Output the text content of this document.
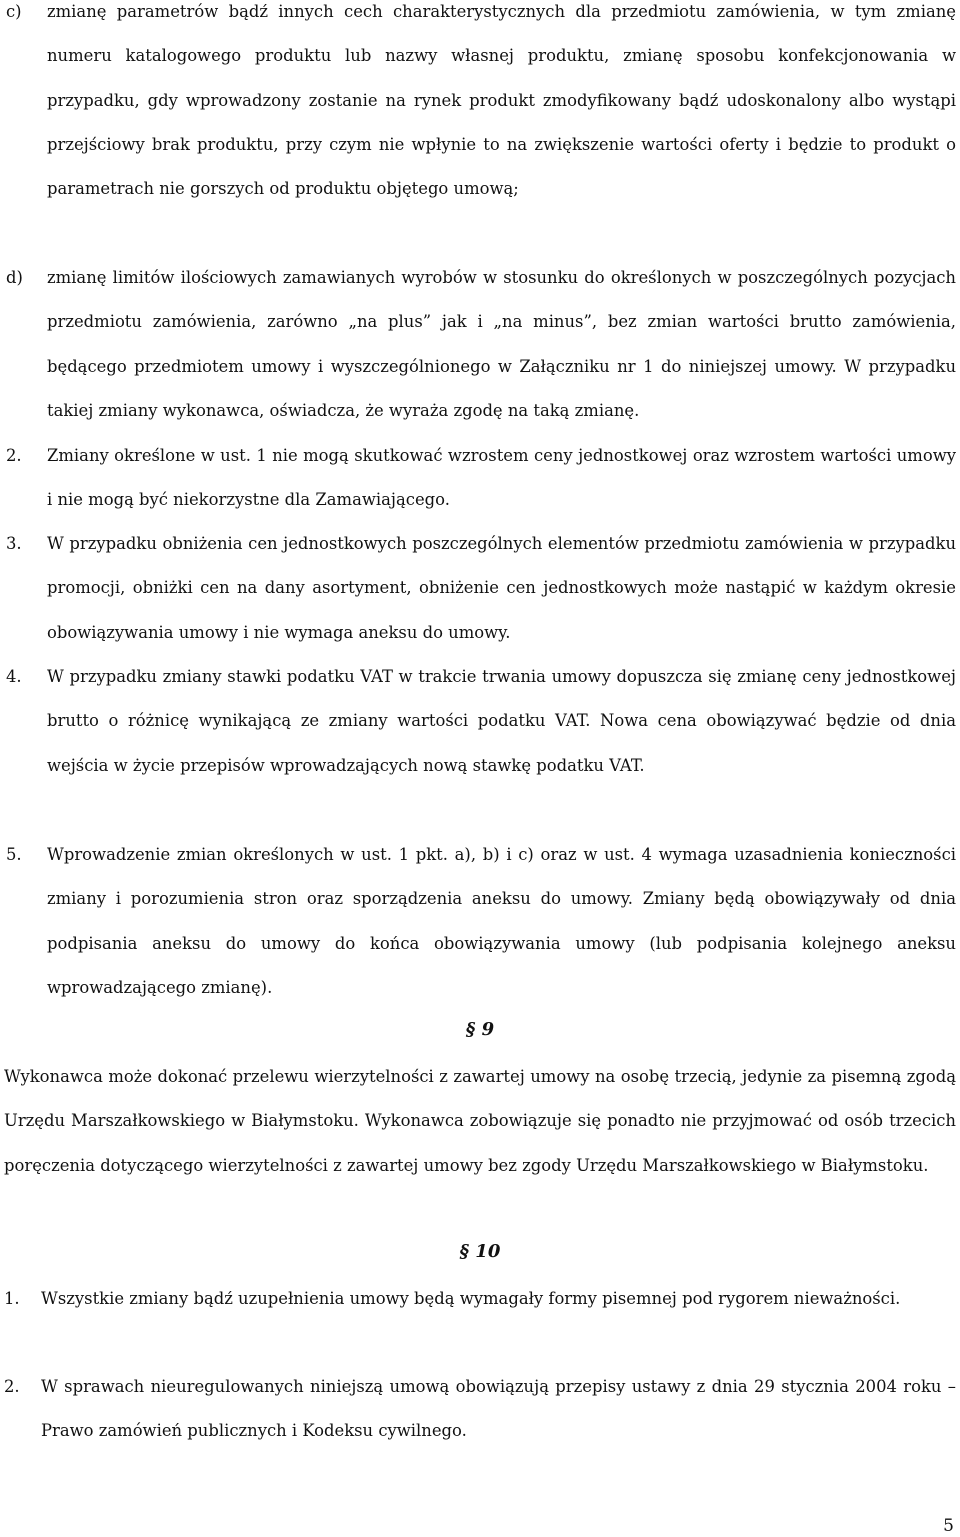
c) zmianę parametrów bądź innych cech charakterystycznych dla przedmiotu zamówienia, w tym zmianę numeru katalogowego produktu lub nazwy własnej produktu, zmianę sposobu konfekcjonowania w przypadku, gdy wprowadzony zostanie na rynek produkt zmodyfikowany bądź udoskonalony albo wystąpi przejściowy brak produktu, przy czym nie wpłynie to na zwiększenie wartości oferty i będzie to produkt o parametrach nie gorszych od produktu objętego umową;
d) zmianę limitów ilościowych zamawianych wyrobów w stosunku do określonych w poszczególnych pozycjach przedmiotu zamówienia, zarówno „na plus” jak i „na minus”, bez zmian wartości brutto zamówienia, będącego przedmiotem umowy i wyszczególnionego w Załączniku nr 1 do niniejszej umowy. W przypadku takiej zmiany wykonawca, oświadcza, że wyraża zgodę na taką zmianę.
2. Zmiany określone w ust. 1 nie mogą skutkować wzrostem ceny jednostkowej oraz wzrostem wartości umowy i nie mogą być niekorzystne dla Zamawiającego.
3. W przypadku obniżenia cen jednostkowych poszczególnych elementów przedmiotu zamówienia w przypadku promocji, obniżki cen na dany asortyment, obniżenie cen jednostkowych może nastąpić w każdym okresie obowiązywania umowy i nie wymaga aneksu do umowy.
4. W przypadku zmiany stawki podatku VAT w trakcie trwania umowy dopuszcza się zmianę ceny jednostkowej brutto o różnicę wynikającą ze zmiany wartości podatku VAT. Nowa cena obowiązywać będzie od dnia wejścia w życie przepisów wprowadzających nową stawkę podatku VAT.
5. Wprowadzenie zmian określonych w ust. 1 pkt. a), b) i c) oraz w ust. 4 wymaga uzasadnienia konieczności zmiany i porozumienia stron oraz sporządzenia aneksu do umowy. Zmiany będą obowiązywały od dnia podpisania aneksu do umowy do końca obowiązywania umowy (lub podpisania kolejnego aneksu wprowadzającego zmianę).
§ 9
Wykonawca może dokonać przelewu wierzytelności z zawartej umowy na osobę trzecią, jedynie za pisemną zgodą Urzędu Marszałkowskiego w Białymstoku. Wykonawca zobowiązuje się ponadto nie przyjmować od osób trzecich poręczenia dotyczącego wierzytelności z zawartej umowy bez zgody Urzędu Marszałkowskiego w Białymstoku.
§ 10
1. Wszystkie zmiany bądź uzupełnienia umowy będą wymagały formy pisemnej pod rygorem nieważności.
2. W sprawach nieuregulowanych niniejszą umową obowiązują przepisy ustawy z dnia 29 stycznia 2004 roku – Prawo zamówień publicznych i Kodeksu cywilnego.
5
